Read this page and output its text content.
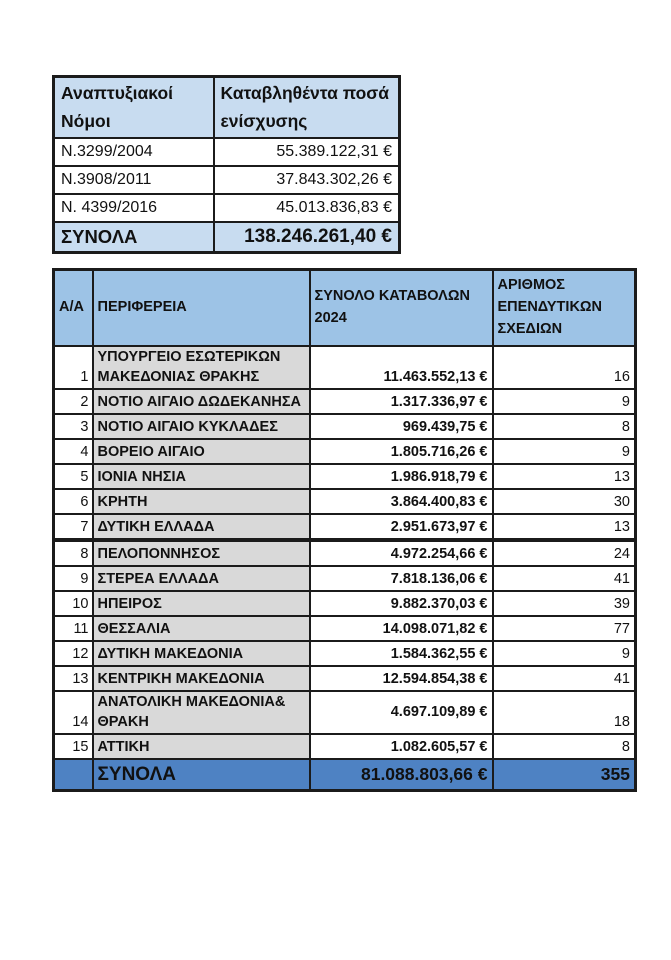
Αναπτυξιακοί Νόμοι	Καταβληθέντα ποσά ενίσχυσης
N.3299/2004	55.389.122,31 €
N.3908/2011	37.843.302,26 €
N. 4399/2016	45.013.836,83 €
ΣΥΝΟΛΑ	138.246.261,40 €
Α/Α	ΠΕΡΙΦΕΡΕΙΑ	ΣΥΝΟΛΟ ΚΑΤΑΒΟΛΩΝ 2024	ΑΡΙΘΜΟΣ ΕΠΕΝΔΥΤΙΚΩΝ ΣΧΕΔΙΩΝ
1	ΥΠΟΥΡΓΕΙΟ ΕΣΩΤΕΡΙΚΩΝ ΜΑΚΕΔΟΝΙΑΣ ΘΡΑΚΗΣ	11.463.552,13 €	16
2	ΝΟΤΙΟ ΑΙΓΑΙΟ ΔΩΔΕΚΑΝΗΣΑ	1.317.336,97 €	9
3	ΝΟΤΙΟ ΑΙΓΑΙΟ ΚΥΚΛΑΔΕΣ	969.439,75 €	8
4	ΒΟΡΕΙΟ ΑΙΓΑΙΟ	1.805.716,26 €	9
5	ΙΟΝΙΑ ΝΗΣΙΑ	1.986.918,79 €	13
6	ΚΡΗΤΗ	3.864.400,83 €	30
7	ΔΥΤΙΚΗ ΕΛΛΑΔΑ	2.951.673,97 €	13
8	ΠΕΛΟΠΟΝΝΗΣΟΣ	4.972.254,66 €	24
9	ΣΤΕΡΕΑ ΕΛΛΑΔΑ	7.818.136,06 €	41
10	ΗΠΕΙΡΟΣ	9.882.370,03 €	39
11	ΘΕΣΣΑΛΙΑ	14.098.071,82 €	77
12	ΔΥΤΙΚΗ ΜΑΚΕΔΟΝΙΑ	1.584.362,55 €	9
13	ΚΕΝΤΡΙΚΗ ΜΑΚΕΔΟΝΙΑ	12.594.854,38 €	41
14	ΑΝΑΤΟΛΙΚΗ ΜΑΚΕΔΟΝΙΑ& ΘΡΑΚΗ	4.697.109,89 €	18
15	ΑΤΤΙΚΗ	1.082.605,57 €	8
	ΣΥΝΟΛΑ	81.088.803,66 €	355
